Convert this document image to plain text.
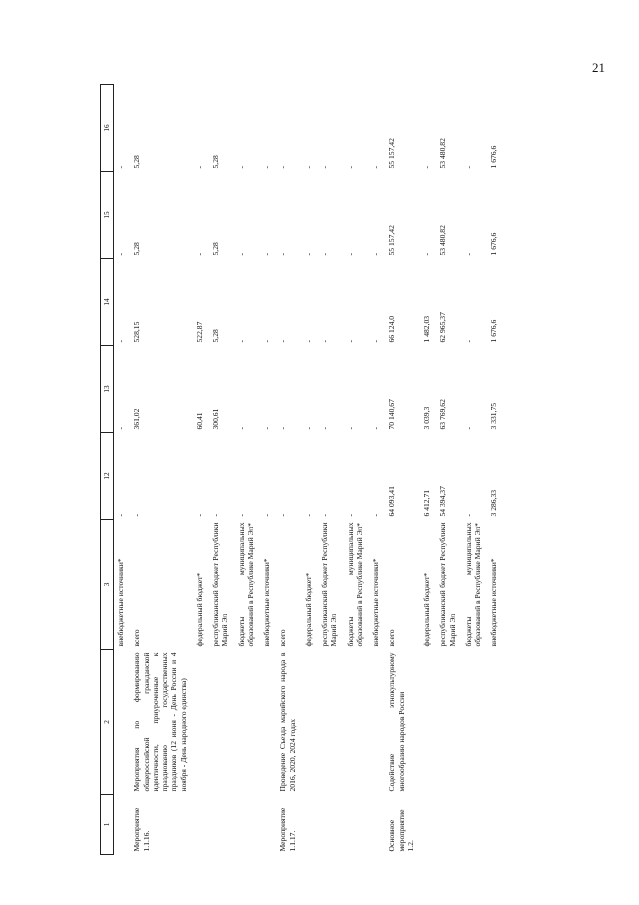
21
1	2	3	12	13	14	15	16
		внебюджетные источники*	-	-	-	-	-
Мероприятие 1.1.16.	Мероприятия по формированию общероссийской гражданской идентичности, приуроченные к празднованию государственных праздников (12 июня - День России и 4 ноября - День народного единства)	всего	-	361,02	528,15	5,28	5,28
		федеральный бюджет*	-	60,41	522,87	-	-
		республиканский бюджет Республики Марий Эл	-	300,61	5,28	5,28	5,28
		бюджеты муниципальных образований в Республике Марий Эл*	-	-	-	-	-
		внебюджетные источники*	-	-	-	-	-
Мероприятие 1.1.17.	Проведение Съезда марийского народа в 2016, 2020, 2024 годах	всего	-	-	-	-	-
		федеральный бюджет*	-	-	-	-	-
		республиканский бюджет Республики Марий Эл	-	-	-	-	-
		бюджеты муниципальных образований в Республике Марий Эл*	-	-	-	-	-
		внебюджетные источники*	-	-	-	-	-
Основное мероприятие 1.2.	Содействие этнокультурному многообразию народов России	всего	64 093,41	70 140,67	66 124,0	55 157,42	55 157,42
		федеральный бюджет*	6 412,71	3 039,3	1 482,03	-	-
		республиканский бюджет Республики Марий Эл	54 394,37	63 769,62	62 965,37	53 480,82	53 480,82
		бюджеты муниципальных образований в Республике Марий Эл*	-	-	-	-	-
		внебюджетные источники*	3 286,33	3 331,75	1 676,6	1 676,6	1 676,6
